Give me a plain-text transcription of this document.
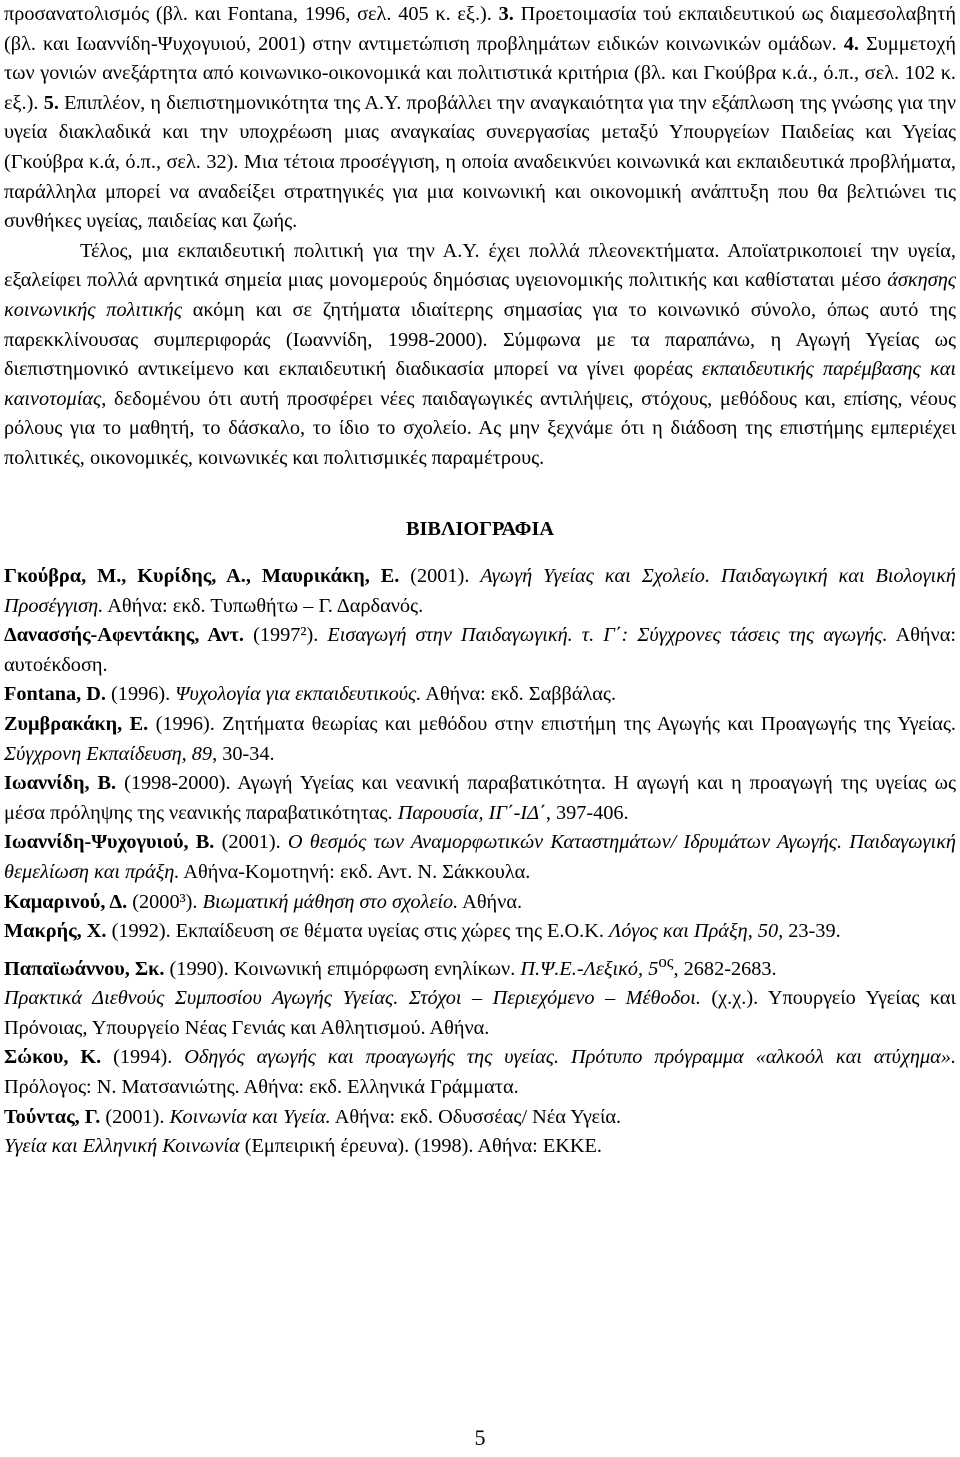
προσανατολισμός (βλ. και Fontana, 1996, σελ. 405 κ. εξ.). 3. Προετοιμασία τού εκπαιδευτικού ως διαμεσολαβητή (βλ. και Ιωαννίδη-Ψυχογυιού, 2001) στην αντιμετώπιση προβλημάτων ειδικών κοινωνικών ομάδων. 4. Συμμετοχή των γονιών ανεξάρτητα από κοινωνικο-οικονομικά και πολιτιστικά κριτήρια (βλ. και Γκούβρα κ.ά., ό.π., σελ. 102 κ. εξ.). 5. Επιπλέον, η διεπιστημονικότητα της Α.Υ. προβάλλει την αναγκαιότητα για την εξάπλωση της γνώσης για την υγεία διακλαδικά και την υποχρέωση μιας αναγκαίας συνεργασίας μεταξύ Υπουργείων Παιδείας και Υγείας (Γκούβρα κ.ά, ό.π., σελ. 32). Μια τέτοια προσέγγιση, η οποία αναδεικνύει κοινωνικά και εκπαιδευτικά προβλήματα, παράλληλα μπορεί να αναδείξει στρατηγικές για μια κοινωνική και οικονομική ανάπτυξη που θα βελτιώνει τις συνθήκες υγείας, παιδείας και ζωής.

Τέλος, μια εκπαιδευτική πολιτική για την Α.Υ. έχει πολλά πλεονεκτήματα. Αποϊατρικοποιεί την υγεία, εξαλείφει πολλά αρνητικά σημεία μιας μονομερούς δημόσιας υγειονομικής πολιτικής και καθίσταται μέσο άσκησης κοινωνικής πολιτικής ακόμη και σε ζητήματα ιδιαίτερης σημασίας για το κοινωνικό σύνολο, όπως αυτό της παρεκκλίνουσας συμπεριφοράς (Ιωαννίδη, 1998-2000). Σύμφωνα με τα παραπάνω, η Αγωγή Υγείας ως διεπιστημονικό αντικείμενο και εκπαιδευτική διαδικασία μπορεί να γίνει φορέας εκπαιδευτικής παρέμβασης και καινοτομίας, δεδομένου ότι αυτή προσφέρει νέες παιδαγωγικές αντιλήψεις, στόχους, μεθόδους και, επίσης, νέους ρόλους για το μαθητή, το δάσκαλο, το ίδιο το σχολείο. Ας μην ξεχνάμε ότι η διάδοση της επιστήμης εμπεριέχει πολιτικές, οικονομικές, κοινωνικές και πολιτισμικές παραμέτρους.

ΒΙΒΛΙΟΓΡΑΦΙΑ

Γκούβρα, Μ., Κυρίδης, Α., Μαυρικάκη, Ε. (2001). Αγωγή Υγείας και Σχολείο. Παιδαγωγική και Βιολογική Προσέγγιση. Αθήνα: εκδ. Τυπωθήτω – Γ. Δαρδανός.

Δανασσής-Αφεντάκης, Αντ. (1997²). Εισαγωγή στην Παιδαγωγική. τ. Γ΄: Σύγχρονες τάσεις της αγωγής. Αθήνα: αυτοέκδοση.

Fontana, D. (1996). Ψυχολογία για εκπαιδευτικούς. Αθήνα: εκδ. Σαββάλας.

Ζυμβρακάκη, Ε. (1996). Ζητήματα θεωρίας και μεθόδου στην επιστήμη της Αγωγής και Προαγωγής της Υγείας. Σύγχρονη Εκπαίδευση, 89, 30-34.

Ιωαννίδη, Β. (1998-2000). Αγωγή Υγείας και νεανική παραβατικότητα. Η αγωγή και η προαγωγή της υγείας ως μέσα πρόληψης της νεανικής παραβατικότητας. Παρουσία, ΙΓ΄-ΙΔ΄, 397-406.

Ιωαννίδη-Ψυχογυιού, Β. (2001). Ο θεσμός των Αναμορφωτικών Καταστημάτων/ Ιδρυμάτων Αγωγής. Παιδαγωγική θεμελίωση και πράξη. Αθήνα-Κομοτηνή: εκδ. Αντ. Ν. Σάκκουλα.

Καμαρινού, Δ. (2000³). Βιωματική μάθηση στο σχολείο. Αθήνα.

Μακρής, Χ. (1992). Εκπαίδευση σε θέματα υγείας στις χώρες της Ε.Ο.Κ. Λόγος και Πράξη, 50, 23-39.

Παπαϊωάννου, Σκ. (1990). Κοινωνική επιμόρφωση ενηλίκων. Π.Ψ.Ε.-Λεξικό, $5^{o\varsigma}$, 2682-2683.

Πρακτικά Διεθνούς Συμποσίου Αγωγής Υγείας. Στόχοι – Περιεχόμενο – Μέθοδοι. (χ.χ.). Υπουργείο Υγείας και Πρόνοιας, Υπουργείο Νέας Γενιάς και Αθλητισμού. Αθήνα.

Σώκου, Κ. (1994). Οδηγός αγωγής και προαγωγής της υγείας. Πρότυπο πρόγραμμα «αλκοόλ και ατύχημα». Πρόλογος: Ν. Ματσανιώτης. Αθήνα: εκδ. Ελληνικά Γράμματα.

Τούντας, Γ. (2001). Κοινωνία και Υγεία. Αθήνα: εκδ. Οδυσσέας/ Νέα Υγεία.

Υγεία και Ελληνική Κοινωνία (Εμπειρική έρευνα). (1998). Αθήνα: ΕΚΚΕ.

5
